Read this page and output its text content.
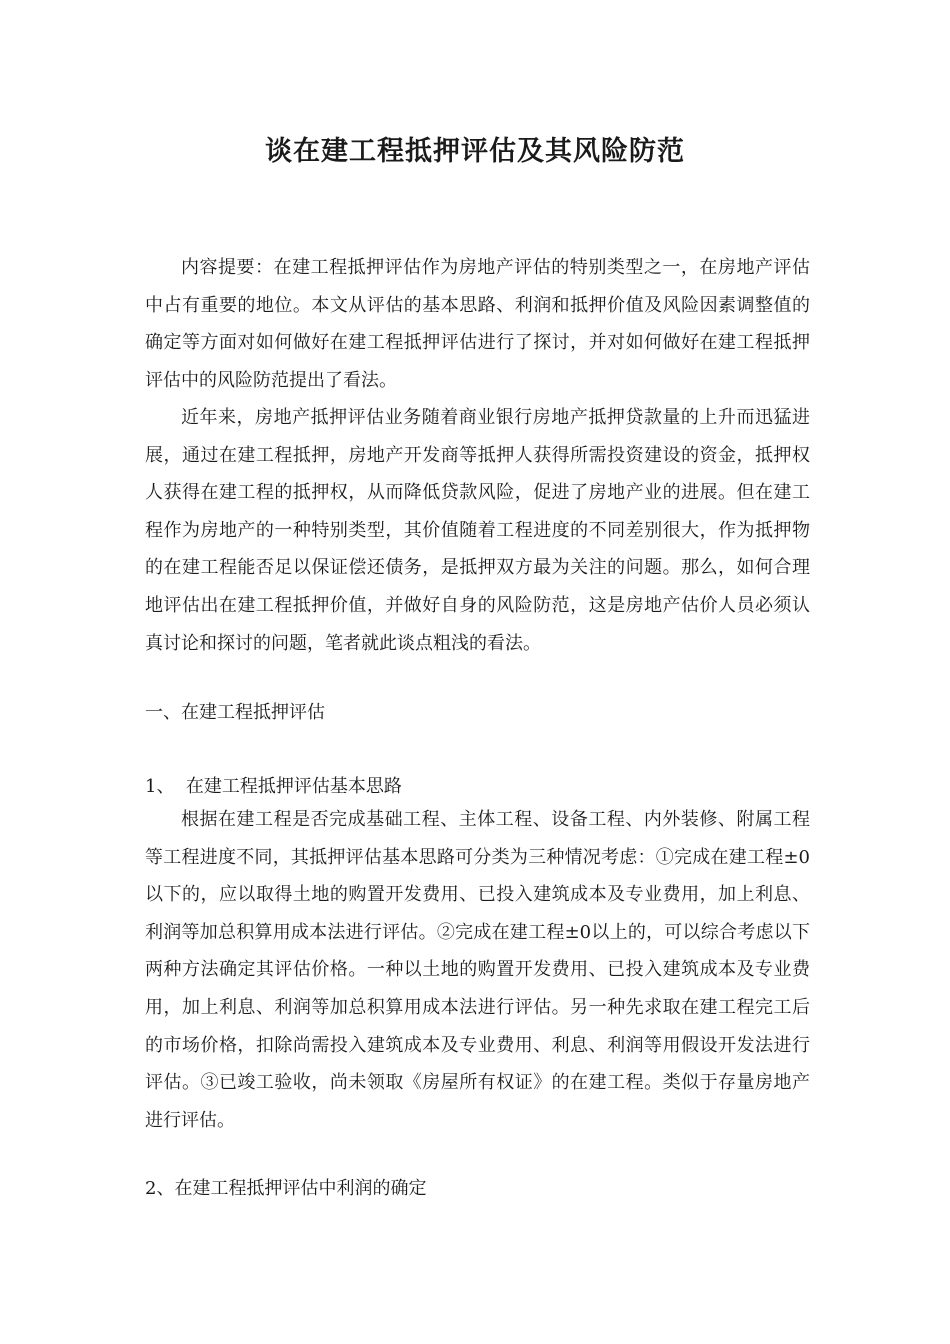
谈在建工程抵押评估及其风险防范

内容提要：在建工程抵押评估作为房地产评估的特别类型之一，在房地产评估中占有重要的地位。本文从评估的基本思路、利润和抵押价值及风险因素调整值的确定等方面对如何做好在建工程抵押评估进行了探讨，并对如何做好在建工程抵押评估中的风险防范提出了看法。

近年来，房地产抵押评估业务随着商业银行房地产抵押贷款量的上升而迅猛进展，通过在建工程抵押，房地产开发商等抵押人获得所需投资建设的资金，抵押权人获得在建工程的抵押权，从而降低贷款风险，促进了房地产业的进展。但在建工程作为房地产的一种特别类型，其价值随着工程进度的不同差别很大，作为抵押物的在建工程能否足以保证偿还债务，是抵押双方最为关注的问题。那么，如何合理地评估出在建工程抵押价值，并做好自身的风险防范，这是房地产估价人员必须认真讨论和探讨的问题，笔者就此谈点粗浅的看法。

一、在建工程抵押评估

1、  在建工程抵押评估基本思路

根据在建工程是否完成基础工程、主体工程、设备工程、内外装修、附属工程等工程进度不同，其抵押评估基本思路可分类为三种情况考虑：①完成在建工程±0以下的，应以取得土地的购置开发费用、已投入建筑成本及专业费用，加上利息、利润等加总积算用成本法进行评估。②完成在建工程±0以上的，可以综合考虑以下两种方法确定其评估价格。一种以土地的购置开发费用、已投入建筑成本及专业费用，加上利息、利润等加总积算用成本法进行评估。另一种先求取在建工程完工后的市场价格，扣除尚需投入建筑成本及专业费用、利息、利润等用假设开发法进行评估。③已竣工验收，尚未领取《房屋所有权证》的在建工程。类似于存量房地产进行评估。

2、在建工程抵押评估中利润的确定
